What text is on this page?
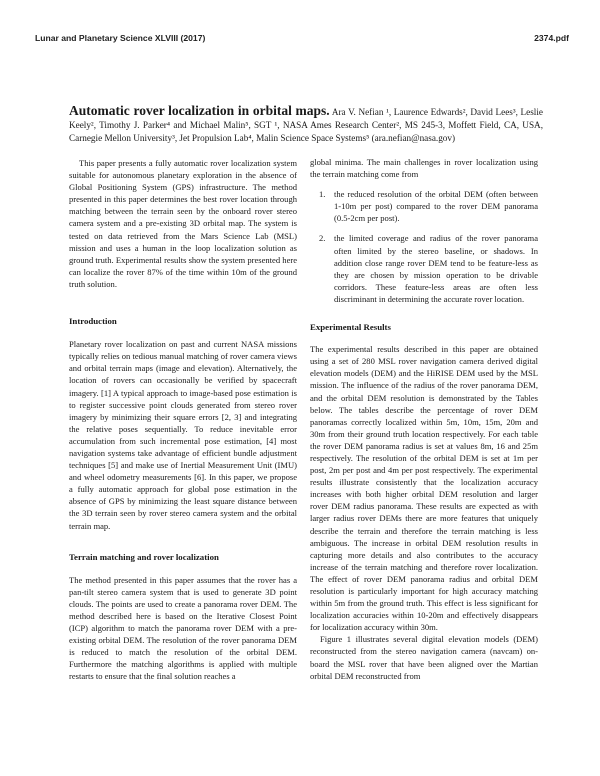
Lunar and Planetary Science XLVIII (2017)	2374.pdf
Automatic rover localization in orbital maps. Ara V. Nefian ¹, Laurence Edwards², David Lees³, Leslie Keely², Timothy J. Parker⁴ and Michael Malin⁵, SGT ¹, NASA Ames Research Center², MS 245-3, Moffett Field, CA, USA, Carnegie Mellon University³, Jet Propulsion Lab⁴, Malin Science Space Systems⁵ (ara.nefian@nasa.gov)

This paper presents a fully automatic rover localization system suitable for autonomous planetary exploration in the absence of Global Positioning System (GPS) infrastructure. The method presented in this paper determines the best rover location through matching between the terrain seen by the onboard rover stereo camera system and a pre-existing 3D orbital map. The system is tested on data retrieved from the Mars Science Lab (MSL) mission and uses a human in the loop localization solution as ground truth. Experimental results show the system presented here can localize the rover 87% of the time within 10m of the ground truth solution.

Introduction

Planetary rover localization on past and current NASA missions typically relies on tedious manual matching of rover camera views and orbital terrain maps (image and elevation). Alternatively, the location of rovers can occasionally be verified by spacecraft imagery. [1] A typical approach to image-based pose estimation is to register successive point clouds generated from stereo rover imagery by minimizing their square errors [2, 3] and integrating the relative poses sequentially. To reduce inevitable error accumulation from such incremental pose estimation, [4] most navigation systems take advantage of efficient bundle adjustment techniques [5] and make use of Inertial Measurement Unit (IMU) and wheel odometry measurements [6]. In this paper, we propose a fully automatic approach for global pose estimation in the absence of GPS by minimizing the least square distance between the 3D terrain seen by rover stereo camera system and the orbital terrain map.

Terrain matching and rover localization

The method presented in this paper assumes that the rover has a pan-tilt stereo camera system that is used to generate 3D point clouds. The points are used to create a panorama rover DEM. The method described here is based on the Iterative Closest Point (ICP) algorithm to match the panorama rover DEM with a pre-existing orbital DEM. The resolution of the rover panorama DEM is reduced to match the resolution of the orbital DEM. Furthermore the matching algorithms is applied with multiple restarts to ensure that the final solution reaches a

global minima. The main challenges in rover localization using the terrain matching come from

1. the reduced resolution of the orbital DEM (often between 1-10m per post) compared to the rover DEM panorama (0.5-2cm per post).
2. the limited coverage and radius of the rover panorama often limited by the stereo baseline, or shadows. In addition close range rover DEM tend to be feature-less as they are chosen by mission operation to be drivable corridors. These feature-less areas are often less discriminant in determining the accurate rover location.
Experimental Results

The experimental results described in this paper are obtained using a set of 280 MSL rover navigation camera derived digital elevation models (DEM) and the HiRISE DEM used by the MSL mission. The influence of the radius of the rover panorama DEM, and the orbital DEM resolution is demonstrated by the Tables below. The tables describe the percentage of rover DEM panoramas correctly localized within 5m, 10m, 15m, 20m and 30m from their ground truth location respectively. For each table the rover DEM panorama radius is set at values 8m, 16 and 25m respectively. The resolution of the orbital DEM is set at 1m per post, 2m per post and 4m per post respectively. The experimental results illustrate consistently that the localization accuracy increases with both higher orbital DEM resolution and larger rover DEM radius panorama. These results are expected as with larger radius rover DEMs there are more features that uniquely describe the terrain and therefore the terrain matching is less ambiguous. The increase in orbital DEM resolution results in capturing more details and also contributes to the accuracy increase of the terrain matching and therefore rover localization. The effect of rover DEM panorama radius and orbital DEM resolution is particularly important for high accuracy matching within 5m from the ground truth. This effect is less significant for localization accuracies within 10-20m and effectively disappears for localization accuracy within 30m.

Figure 1 illustrates several digital elevation models (DEM) reconstructed from the stereo navigation camera (navcam) on-board the MSL rover that have been aligned over the Martian orbital DEM reconstructed from
